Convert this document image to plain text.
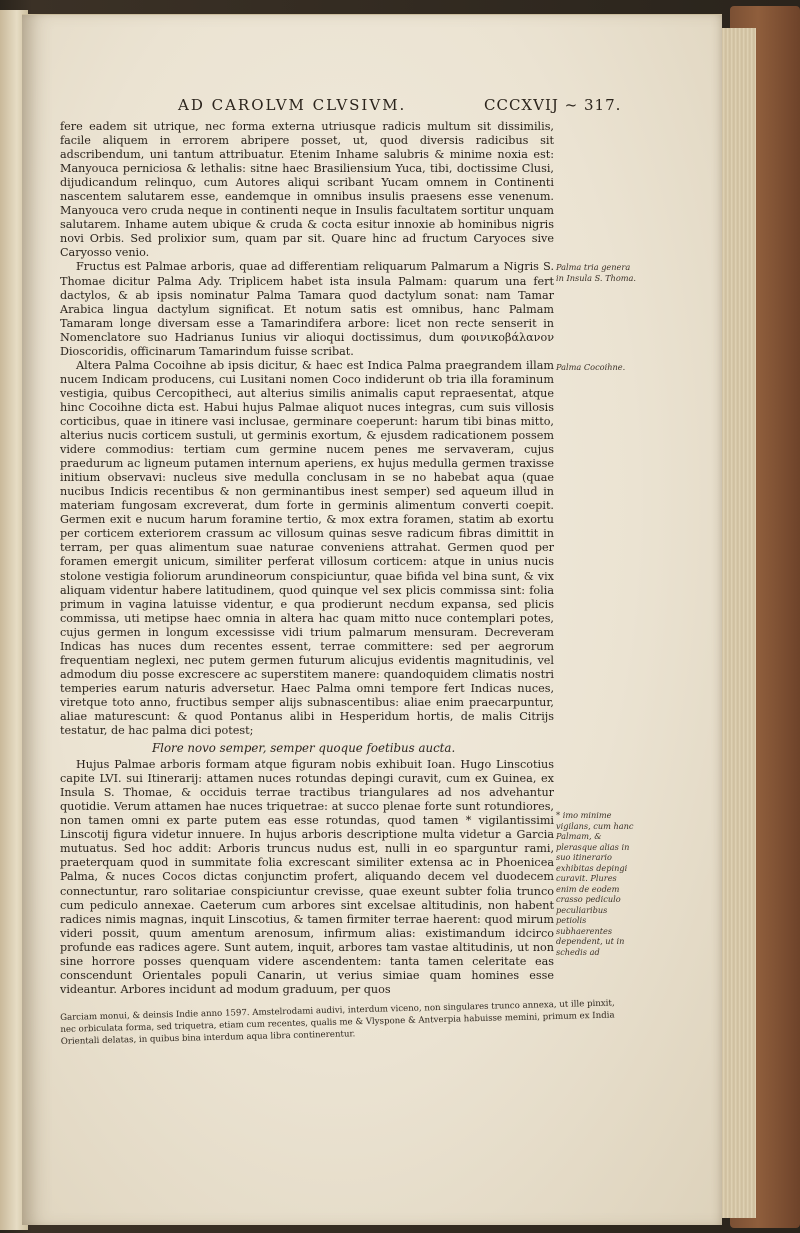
AD CAROLVM CLVSIVM.	CCCXVIJ ~ 317.

fere eadem sit utrique, nec forma externa utriusque radicis multum sit dissimilis, facile aliquem in errorem abripere posset, ut, quod diversis radicibus sit adscribendum, uni tantum attribuatur. Etenim Inhame salubris & minime noxia est: Manyouca perniciosa & lethalis: sitne haec Brasiliensium Yuca, tibi, doctissime Clusi, dijudicandum relinquo, cum Autores aliqui scribant Yucam omnem in Continenti nascentem salutarem esse, eandemque in omnibus insulis praesens esse venenum. Manyouca vero cruda neque in continenti neque in Insulis facultatem sortitur unquam salutarem. Inhame autem ubique & cruda & cocta esitur innoxie ab hominibus nigris novi Orbis. Sed prolixior sum, quam par sit. Quare hinc ad fructum Caryoces sive Caryosso venio.

Fructus est Palmae arboris, quae ad differentiam reliquarum Palmarum a Nigris S. Thomae dicitur Palma Ady. Triplicem habet ista insula Palmam: quarum una fert dactylos, & ab ipsis nominatur Palma Tamara quod dactylum sonat: nam Tamar Arabica lingua dactylum significat. Et notum satis est omnibus, hanc Palmam Tamaram longe diversam esse a Tamarindifera arbore: licet non recte senserit in Nomenclatore suo Hadrianus Iunius vir alioqui doctissimus, dum φοινικοβάλανον Dioscoridis, officinarum Tamarindum fuisse scribat.

Altera Palma Cocoihne ab ipsis dicitur, & haec est Indica Palma praegrandem illam nucem Indicam producens, cui Lusitani nomen Coco indiderunt ob tria illa foraminum vestigia, quibus Cercopitheci, aut alterius similis animalis caput repraesentat, atque hinc Cocoihne dicta est. Habui hujus Palmae aliquot nuces integras, cum suis villosis corticibus, quae in itinere vasi inclusae, germinare coeperunt: harum tibi binas mitto, alterius nucis corticem sustuli, ut germinis exortum, & ejusdem radicationem possem videre commodius: tertiam cum germine nucem penes me servaveram, cujus praedurum ac ligneum putamen internum aperiens, ex hujus medulla germen traxisse initium observavi: nucleus sive medulla conclusam in se no habebat aqua (quae nucibus Indicis recentibus & non germinantibus inest semper) sed aqueum illud in materiam fungosam excreverat, dum forte in germinis alimentum converti coepit. Germen exit e nucum harum foramine tertio, & mox extra foramen, statim ab exortu per corticem exteriorem crassum ac villosum quinas sesve radicum fibras dimittit in terram, per quas alimentum suae naturae conveniens attrahat. Germen quod per foramen emergit unicum, similiter perferat villosum corticem: atque in unius nucis stolone vestigia foliorum arundineorum conspiciuntur, quae bifida vel bina sunt, & vix aliquam videntur habere latitudinem, quod quinque vel sex plicis commissa sint: folia primum in vagina latuisse videntur, e qua prodierunt necdum expansa, sed plicis commissa, uti metipse haec omnia in altera hac quam mitto nuce contemplari potes, cujus germen in longum excessisse vidi trium palmarum mensuram. Decreveram Indicas has nuces dum recentes essent, terrae committere: sed per aegrorum frequentiam neglexi, nec putem germen futurum alicujus evidentis magnitudinis, vel admodum diu posse excrescere ac superstitem manere: quandoquidem climatis nostri temperies earum naturis adversetur. Haec Palma omni tempore fert Indicas nuces, viretque toto anno, fructibus semper alijs subnascentibus: aliae enim praecarpuntur, aliae maturescunt: & quod Pontanus alibi in Hesperidum hortis, de malis Citrijs testatur, de hac palma dici potest;

Flore novo semper, semper quoque foetibus aucta.

Hujus Palmae arboris formam atque figuram nobis exhibuit Ioan. Hugo Linscotius capite LVI. sui Itinerarij: attamen nuces rotundas depingi curavit, cum ex Guinea, ex Insula S. Thomae, & occiduis terrae tractibus triangulares ad nos advehantur quotidie. Verum attamen hae nuces triquetrae: at succo plenae forte sunt rotundiores, non tamen omni ex parte putem eas esse rotundas, quod tamen * vigilantissimi Linscotij figura videtur innuere. In hujus arboris descriptione multa videtur a Garcia mutuatus. Sed hoc addit: Arboris truncus nudus est, nulli in eo sparguntur rami, praeterquam quod in summitate folia excrescant similiter extensa ac in Phoenicea Palma, & nuces Cocos dictas conjunctim profert, aliquando decem vel duodecem connectuntur, raro solitariae conspiciuntur crevisse, quae exeunt subter folia trunco cum pediculo annexae. Caeterum cum arbores sint excelsae altitudinis, non habent radices nimis magnas, inquit Linscotius, & tamen firmiter terrae haerent: quod mirum videri possit, quum amentum arenosum, infirmum alias: existimandum idcirco profunde eas radices agere. Sunt autem, inquit, arbores tam vastae altitudinis, ut non sine horrore posses quenquam videre ascendentem: tanta tamen celeritate eas conscendunt Orientales populi Canarin, ut verius simiae quam homines esse videantur. Arbores incidunt ad modum graduum, per quos

Palma tria genera in Insula S. Thoma.
Palma Cocoihne.
* imo minime vigilans, cum hanc Palmam, & plerasque alias in suo itinerario exhibitas depingi curavit. Plures enim de eodem crasso pediculo peculiaribus petiolis subhaerentes dependent, ut in schedis ad
Garciam monui, & deinsis Indie anno 1597. Amstelrodami audivi, interdum viceno, non singulares trunco annexa, ut ille pinxit, nec orbiculata forma, sed triquetra, etiam cum recentes, qualis me & Vlyspone & Antverpia habuisse memini, primum ex India Orientali delatas, in quibus bina interdum aqua libra continerentur.
